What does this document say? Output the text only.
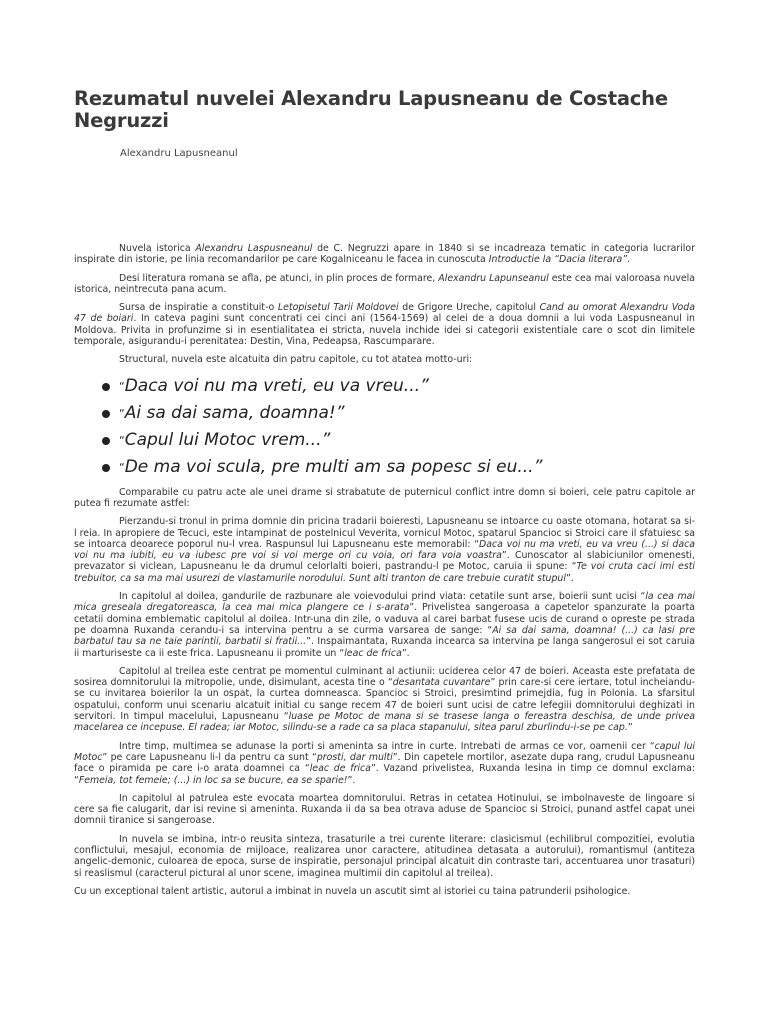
Rezumatul nuvelei Alexandru Lapusneanu de Costache Negruzzi
Alexandru Lapusneanul

Nuvela istorica Alexandru Laspusneanul de C. Negruzzi apare in 1840 si se incadreaza tematic in categoria lucrarilor inspirate din istorie, pe linia recomandarilor pe care Kogalniceanu le facea in cunoscuta Introductie la “Dacia literara”.

Desi literatura romana se afla, pe atunci, in plin proces de formare, Alexandru Lapunseanul este cea mai valoroasa nuvela istorica, neintrecuta pana acum.

Sursa de inspiratie a constituit-o Letopisetul Tarii Moldovei de Grigore Ureche, capitolul Cand au omorat Alexandru Voda 47 de boiari. In cateva pagini sunt concentrati cei cinci ani (1564-1569) al celei de a doua domnii a lui voda Laspusneanul in Moldova. Privita in profunzime si in esentialitatea ei stricta, nuvela inchide idei si categorii existentiale care o scot din limitele temporale, asigurandu-i perenitatea: Destin, Vina, Pedeapsa, Rascumparare.

Structural, nuvela este alcatuita din patru capitole, cu tot atatea motto-uri:

“Daca voi nu ma vreti, eu va vreu...”
“Ai sa dai sama, doamna!”
“Capul lui Motoc vrem...”
“De ma voi scula, pre multi am sa popesc si eu...”

Comparabile cu patru acte ale unei drame si strabatute de puternicul conflict intre domn si boieri, cele patru capitole ar putea fi rezumate astfel:

Pierzandu-si tronul in prima domnie din pricina tradarii boieresti, Lapusneanu se intoarce cu oaste otomana, hotarat sa si-l reia. In apropiere de Tecuci, este intampinat de postelnicul Veverita, vornicul Motoc, spatarul Spancioc si Stroici care il sfatuiesc sa se intoarca deoarece poporul nu-l vrea. Raspunsul lui Lapusneanu este memorabil: “Daca voi nu ma vreti, eu va vreu (...) si daca voi nu ma iubiti, eu va iubesc pre voi si voi merge ori cu voia, ori fara voia voastra”. Cunoscator al slabiciunilor omenesti, prevazator si viclean, Lapusneanu le da drumul celorlalti boieri, pastrandu-l pe Motoc, caruia ii spune: “Te voi cruta caci imi esti trebuitor, ca sa ma mai usurezi de vlastamurile norodului. Sunt alti tranton de care trebuie curatit stupul”.

In capitolul al doilea, gandurile de razbunare ale voievodului prind viata: cetatile sunt arse, boierii sunt ucisi “la cea mai mica greseala dregatoreasca, la cea mai mica plangere ce i s-arata”. Privelistea sangeroasa a capetelor spanzurate la poarta cetatii domina emblematic capitolul al doilea. Intr-una din zile, o vaduva al carei barbat fusese ucis de curand o opreste pe strada pe doamna Ruxanda cerandu-i sa intervina pentru a se curma varsarea de sange: “Ai sa dai sama, doamna! (...) ca lasi pre barbatul tau sa ne taie parintii, barbatii si fratii...”. Inspaimantata, Ruxanda incearca sa intervina pe langa sangerosul ei sot caruia ii marturiseste ca ii este frica. Lapusneanu ii promite un “leac de frica”.

Capitolul al treilea este centrat pe momentul culminant al actiunii: uciderea celor 47 de boieri. Aceasta este prefatata de sosirea domnitorului la mitropolie, unde, disimulant, acesta tine o “desantata cuvantare” prin care-si cere iertare, totul incheiandu-se cu invitarea boierilor la un ospat, la curtea domneasca. Spancioc si Stroici, presimtind primejdia, fug in Polonia. La sfarsitul ospatului, conform unui scenariu alcatuit initial cu sange recem 47 de boieri sunt ucisi de catre lefegiii domnitorului deghizati in servitori. In timpul macelului, Lapusneanu “luase pe Motoc de mana si se trasese langa o fereastra deschisa, de unde privea macelarea ce incepuse. El radea; iar Motoc, silindu-se a rade ca sa placa stapanului, sitea parul zburlindu-i-se pe cap.”

Intre timp, multimea se adunase la porti si ameninta sa intre in curte. Intrebati de armas ce vor, oamenii cer “capul lui Motoc” pe care Lapusneanu li-l da pentru ca sunt “prosti, dar multi”. Din capetele mortilor, asezate dupa rang, crudul Lapusneanu face o piramida pe care i-o arata doamnei ca “leac de frica”. Vazand privelistea, Ruxanda lesina in timp ce domnul exclama: “Femeia, tot femeie; (...) in loc sa se bucure, ea se sparie!”.

In capitolul al patrulea este evocata moartea domnitorului. Retras in cetatea Hotinului, se imbolnaveste de lingoare si cere sa fie calugarit, dar isi revine si ameninta. Ruxanda ii da sa bea otrava aduse de Spancioc si Stroici, punand astfel capat unei domnii tiranice si sangeroase.

In nuvela se imbina, intr-o reusita sinteza, trasaturile a trei curente literare: clasicismul (echilibrul compozitiei, evolutia conflictului, mesajul, economia de mijloace, realizarea unor caractere, atitudinea detasata a autorului), romantismul (antiteza angelic-demonic, culoarea de epoca, surse de inspiratie, personajul principal alcatuit din contraste tari, accentuarea unor trasaturi) si reaslismul (caracterul pictural al unor scene, imaginea multimii din capitolul al treilea).

Cu un exceptional talent artistic, autorul a imbinat in nuvela un ascutit simt al istoriei cu taina patrunderii psihologice.
